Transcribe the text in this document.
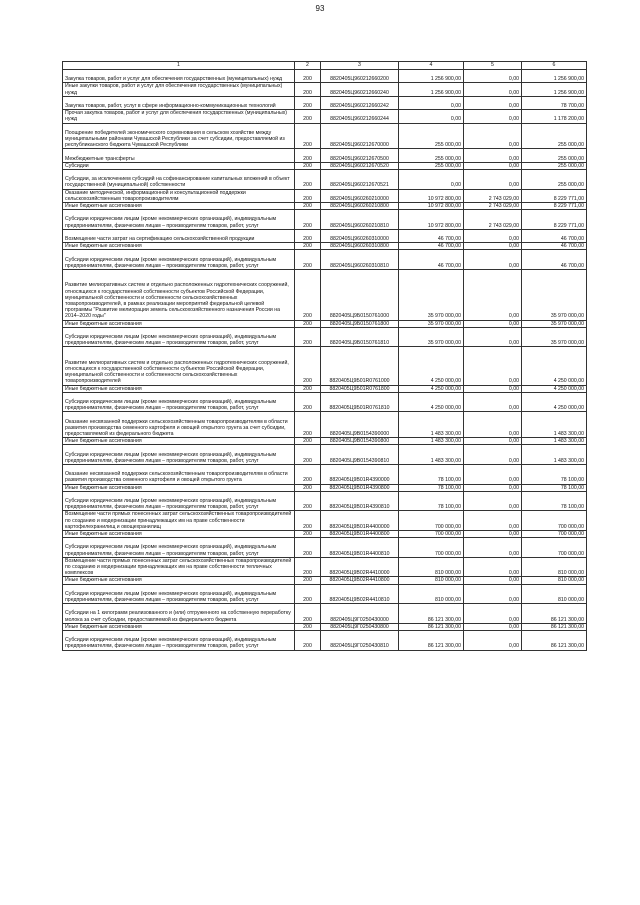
93
1	2	3	4	5	6
Закупка товаров, работ и услуг для обеспечения государственных (муниципальных) нужд	200	8820405Ц960212660200	1 256 900,00	0,00	1 256 900,00
Иные закупки товаров, работ и услуг для обеспечения государственных (муниципальных) нужд	200	8820405Ц960212660240	1 256 900,00	0,00	1 256 900,00
Закупка товаров, работ, услуг в сфере информационно-коммуникационных технологий	200	8820405Ц960212660242	0,00	0,00	78 700,00
Прочая закупка товаров, работ и услуг для обеспечения государственных (муниципальных) нужд	200	8820405Ц960212660244	0,00	0,00	1 178 200,00
Поощрение победителей экономического соревнования в сельском хозяйстве между муниципальными районами Чувашской Республики за счет субсидии, предоставляемой из республиканского бюджета Чувашской Республики	200	8820405Ц960212670000	255 000,00	0,00	255 000,00
Межбюджетные трансферты	200	8820405Ц960212670500	255 000,00	0,00	255 000,00
Субсидии	200	8820405Ц960212670520	255 000,00	0,00	255 000,00
Субсидии, за исключением субсидий на софинансирование капитальных вложений в объект государственной (муниципальной) собственности	200	8820405Ц960212670521	0,00	0,00	255 000,00
Оказание методической, информационной и консультационной поддержки сельскохозяйственным товаропроизводителям	200	8820405Ц960260210000	10 972 800,00	2 743 029,00	8 229 771,00
Иные бюджетные ассигнования	200	8820405Ц960260210800	10 972 800,00	2 743 029,00	8 229 771,00
Субсидии юридическим лицам (кроме некоммерческих организаций), индивидуальным предпринимателям, физическим лицам – производителям товаров, работ, услуг	200	8820405Ц960260210810	10 972 800,00	2 743 029,00	8 229 771,00
Возмещение части затрат на сертификацию сельскохозяйственной продукции	200	8820405Ц960260310000	46 700,00	0,00	46 700,00
Иные бюджетные ассигнования	200	8820405Ц960260310800	46 700,00	0,00	46 700,00
Субсидии юридическим лицам (кроме некоммерческих организаций), индивидуальным предпринимателям, физическим лицам – производителям товаров, работ, услуг	200	8820405Ц960260310810	46 700,00	0,00	46 700,00
Развитие мелиоративных систем и отдельно расположенных гидротехнических сооружений, относящихся к государственной собственности субъектов Российской Федерации, муниципальной собственности и собственности сельскохозяйственных товаропроизводителей, в рамках реализации мероприятий федеральной целевой программы "Развитие мелиорации земель сельскохозяйственного назначения России на 2014–2020 годы"	200	8820405Ц9Б0150761000	35 970 000,00	0,00	35 970 000,00
Иные бюджетные ассигнования	200	8820405Ц9Б0150761800	35 970 000,00	0,00	35 970 000,00
Субсидии юридическим лицам (кроме некоммерческих организаций), индивидуальным предпринимателям, физическим лицам – производителям товаров, работ, услуг	200	8820405Ц9Б0150761810	35 970 000,00	0,00	35 970 000,00
Развитие мелиоративных систем и отдельно расположенных гидротехнических сооружений, относящихся к государственной собственности субъектов Российской Федерации, муниципальной собственности и собственности сельскохозяйственных товаропроизводителей	200	8820405Ц9Б01R0761000	4 250 000,00	0,00	4 250 000,00
Иные бюджетные ассигнования	200	8820405Ц9Б01R0761800	4 250 000,00	0,00	4 250 000,00
Субсидии юридическим лицам (кроме некоммерческих организаций), индивидуальным предпринимателям, физическим лицам – производителям товаров, работ, услуг	200	8820405Ц9Б01R0761810	4 250 000,00	0,00	4 250 000,00
Оказание несвязанной поддержки сельскохозяйственным товаропроизводителям в области развития производства семенного картофеля и овощей открытого грунта за счет субсидии, предоставляемой из федерального бюджета	200	8820405Ц9В0154390000	1 483 300,00	0,00	1 483 300,00
Иные бюджетные ассигнования	200	8820405Ц9В0154390800	1 483 300,00	0,00	1 483 300,00
Субсидии юридическим лицам (кроме некоммерческих организаций), индивидуальным предпринимателям, физическим лицам – производителям товаров, работ, услуг	200	8820405Ц9В0154390810	1 483 300,00	0,00	1 483 300,00
Оказание несвязанной поддержки сельскохозяйственным товаропроизводителям в области развития производства семенного картофеля и овощей открытого грунта	200	8820405Ц9В01R4390000	78 100,00	0,00	78 100,00
Иные бюджетные ассигнования	200	8820405Ц9В01R4390800	78 100,00	0,00	78 100,00
Субсидии юридическим лицам (кроме некоммерческих организаций), индивидуальным предпринимателям, физическим лицам – производителям товаров, работ, услуг	200	8820405Ц9В01R4390810	78 100,00	0,00	78 100,00
Возмещение части прямых понесенных затрат сельскохозяйственных товаропроизводителей по созданию и модернизации принадлежащих им на праве собственности картофелехранилищ и овощехранилищ	200	8820405Ц9В01R4400000	700 000,00	0,00	700 000,00
Иные бюджетные ассигнования	200	8820405Ц9В01R4400800	700 000,00	0,00	700 000,00
Субсидии юридическим лицам (кроме некоммерческих организаций), индивидуальным предпринимателям, физическим лицам – производителям товаров, работ, услуг	200	8820405Ц9В01R4400810	700 000,00	0,00	700 000,00
Возмещение части прямых понесенных затрат сельскохозяйственных товаропроизводителей по созданию и модернизации принадлежащих им на праве собственности тепличных комплексов	200	8820405Ц9В02R4410000	810 000,00	0,00	810 000,00
Иные бюджетные ассигнования	200	8820405Ц9В02R4410800	810 000,00	0,00	810 000,00
Субсидии юридическим лицам (кроме некоммерческих организаций), индивидуальным предпринимателям, физическим лицам – производителям товаров, работ, услуг	200	8820405Ц9В02R4410810	810 000,00	0,00	810 000,00
Субсидии на 1 килограмм реализованного и (или) отгруженного на собственную переработку молока за счет субсидии, предоставляемой из федерального бюджета	200	8820405Ц9Г0250430000	86 121 300,00	0,00	86 121 300,00
Иные бюджетные ассигнования	200	8820405Ц9Г0250430800	86 121 300,00	0,00	86 121 300,00
Субсидии юридическим лицам (кроме некоммерческих организаций), индивидуальным предпринимателям, физическим лицам – производителям товаров, работ, услуг	200	8820405Ц9Г0250430810	86 121 300,00	0,00	86 121 300,00
